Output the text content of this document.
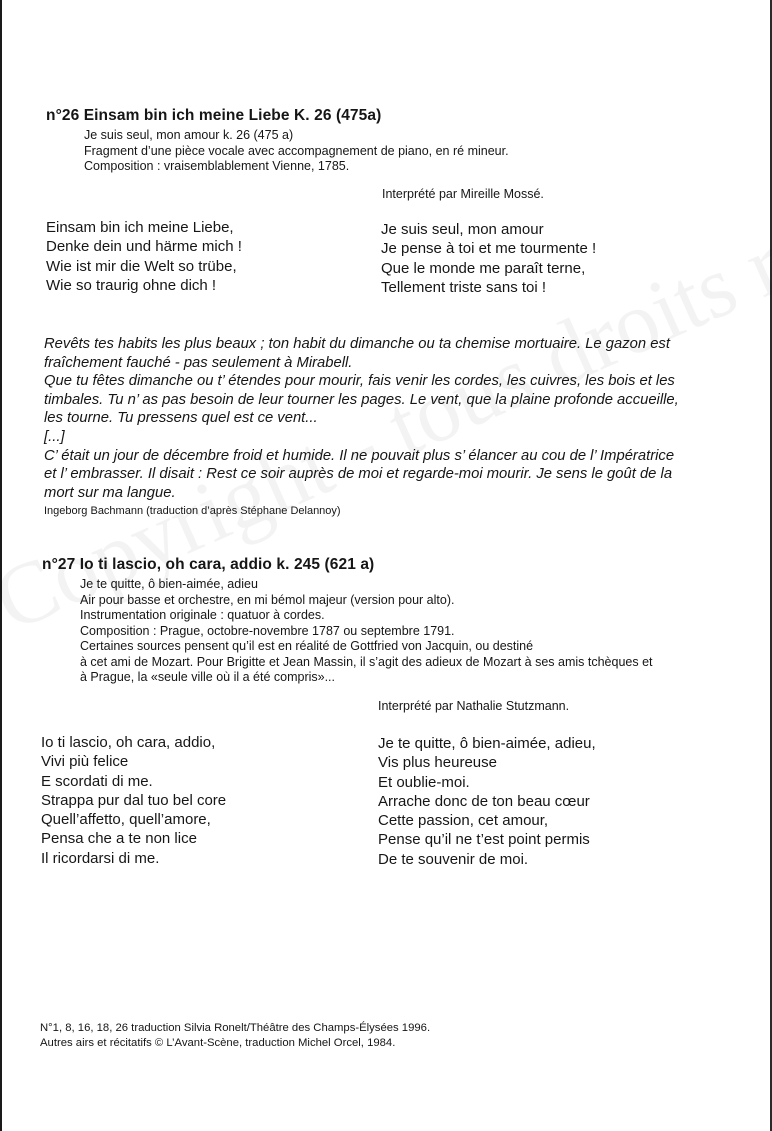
n°26 Einsam bin ich meine Liebe K. 26 (475a)
Je suis seul, mon amour k. 26 (475 a)
Fragment d’une pièce vocale avec accompagnement de piano, en ré mineur.
Composition : vraisemblablement Vienne, 1785.
Interprété par Mireille Mossé.
Einsam bin ich meine Liebe,
Denke dein und härme mich !
Wie ist mir die Welt so trübe,
Wie so traurig ohne dich !
Je suis seul, mon amour
Je pense à toi et me tourmente !
Que le monde me paraît terne,
Tellement triste sans toi !
Revêts tes habits les plus beaux ; ton habit du dimanche ou ta chemise mortuaire. Le gazon est
fraîchement fauché - pas seulement à Mirabell.
Que tu fêtes dimanche ou t’ étendes pour mourir, fais venir les cordes, les cuivres, les bois et les
timbales. Tu n’ as pas besoin de leur tourner les pages. Le vent, que la plaine profonde accueille,
les tourne. Tu pressens quel est ce vent...
[...]
C’ était un jour de décembre froid et humide. Il ne pouvait plus s’ élancer au cou de l’ Impératrice
et l’ embrasser. Il disait : Rest ce soir auprès de moi et regarde-moi mourir. Je sens le goût de la
mort sur ma langue.
Ingeborg Bachmann (traduction d’après Stéphane Delannoy)
n°27 Io ti lascio, oh cara, addio k. 245 (621 a)
Je te quitte, ô bien-aimée, adieu
Air pour basse et orchestre, en mi bémol majeur (version pour alto).
Instrumentation originale : quatuor à cordes.
Composition : Prague, octobre-novembre 1787 ou septembre 1791.
Certaines sources pensent qu’il est en réalité de Gottfried von Jacquin, ou destiné
à cet ami de Mozart. Pour Brigitte et Jean Massin, il s’agit des adieux de Mozart à ses amis tchèques et
à Prague, la «seule ville où il a été compris»...
Interprété par Nathalie Stutzmann.
Io ti lascio, oh cara, addio,
Vivi più felice
E scordati di me.
Strappa pur dal tuo bel core
Quell’affetto, quell’amore,
Pensa che a te non lice
Il ricordarsi di me.
Je te quitte, ô bien-aimée, adieu,
Vis plus heureuse
Et oublie-moi.
Arrache donc de ton beau cœur
Cette passion, cet amour,
Pense qu’il ne t’est point permis
De te souvenir de moi.
N°1, 8, 16, 18, 26 traduction Silvia Ronelt/Théâtre des Champs-Élysées 1996.
Autres airs et récitatifs © L’Avant-Scène, traduction Michel Orcel, 1984.
